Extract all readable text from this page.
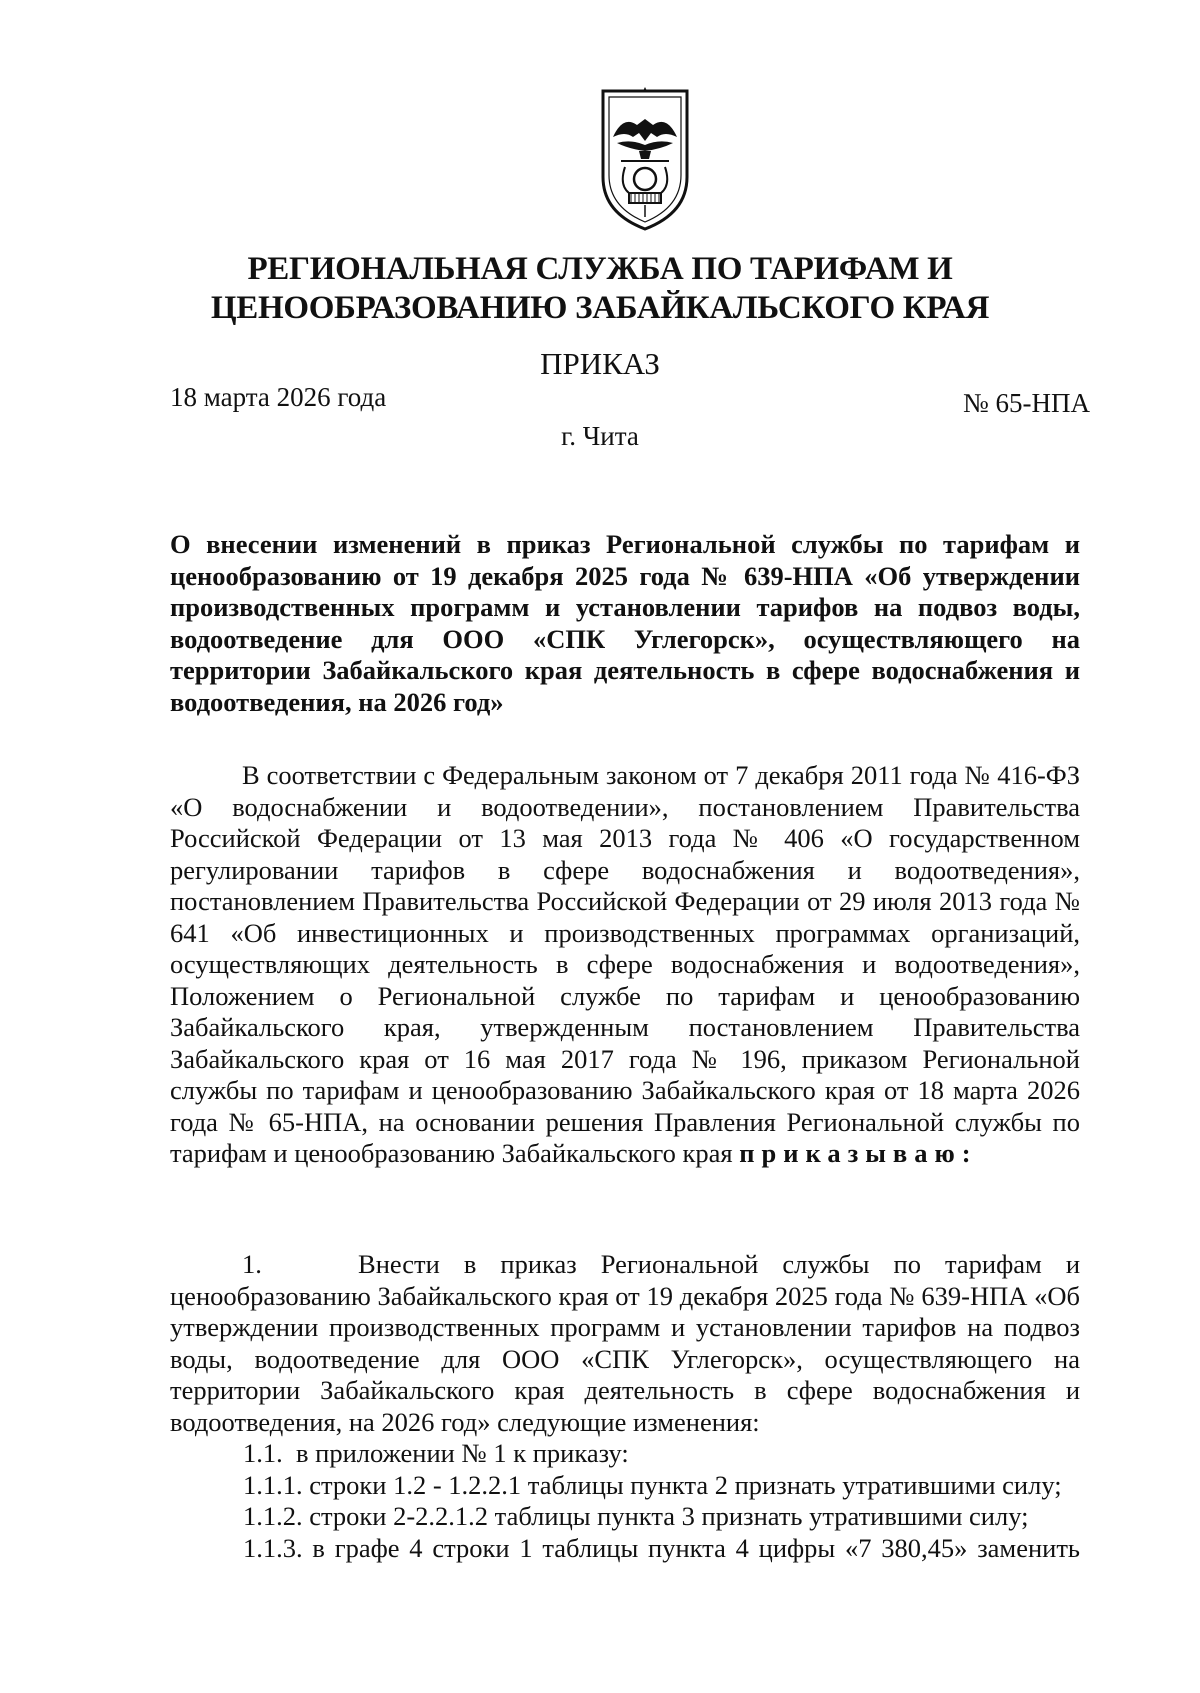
РЕГИОНАЛЬНАЯ СЛУЖБА ПО ТАРИФАМ И
ЦЕНООБРАЗОВАНИЮ ЗАБАЙКАЛЬСКОГО КРАЯ
ПРИКАЗ
18 марта 2026 года	№ 65-НПА
г. Чита
О внесении изменений в приказ Региональной службы по тарифам и ценообразованию от 19 декабря 2025 года № 639-НПА «Об утверждении производственных программ и установлении тарифов на подвоз воды, водоотведение для ООО «СПК Углегорск», осуществляющего на территории Забайкальского края деятельность в сфере водоснабжения и водоотведения, на 2026 год»

В соответствии с Федеральным законом от 7 декабря 2011 года № 416-ФЗ «О водоснабжении и водоотведении», постановлением Правительства Российской Федерации от 13 мая 2013 года № 406 «О государственном регулировании тарифов в сфере водоснабжения и водоотведения», постановлением Правительства Российской Федерации от 29 июля 2013 года № 641 «Об инвестиционных и производственных программах организаций, осуществляющих деятельность в сфере водоснабжения и водоотведения», Положением о Региональной службе по тарифам и ценообразованию Забайкальского края, утвержденным постановлением Правительства Забайкальского края от 16 мая 2017 года № 196, приказом Региональной службы по тарифам и ценообразованию Забайкальского края от 18 марта 2026 года № 65-НПА, на основании решения Правления Региональной службы по тарифам и ценообразованию Забайкальского края приказываю:

1.    Внести в приказ Региональной службы по тарифам и ценообразованию Забайкальского края от 19 декабря 2025 года № 639-НПА «Об утверждении производственных программ и установлении тарифов на подвоз воды, водоотведение для ООО «СПК Углегорск», осуществляющего на территории Забайкальского края деятельность в сфере водоснабжения и водоотведения, на 2026 год» следующие изменения:

1.1.  в приложении № 1 к приказу:

1.1.1. строки 1.2 - 1.2.2.1 таблицы пункта 2 признать утратившими силу;

1.1.2. строки 2-2.2.1.2 таблицы пункта 3 признать утратившими силу;

1.1.3. в графе 4 строки 1 таблицы пункта 4 цифры «7 380,45» заменить
